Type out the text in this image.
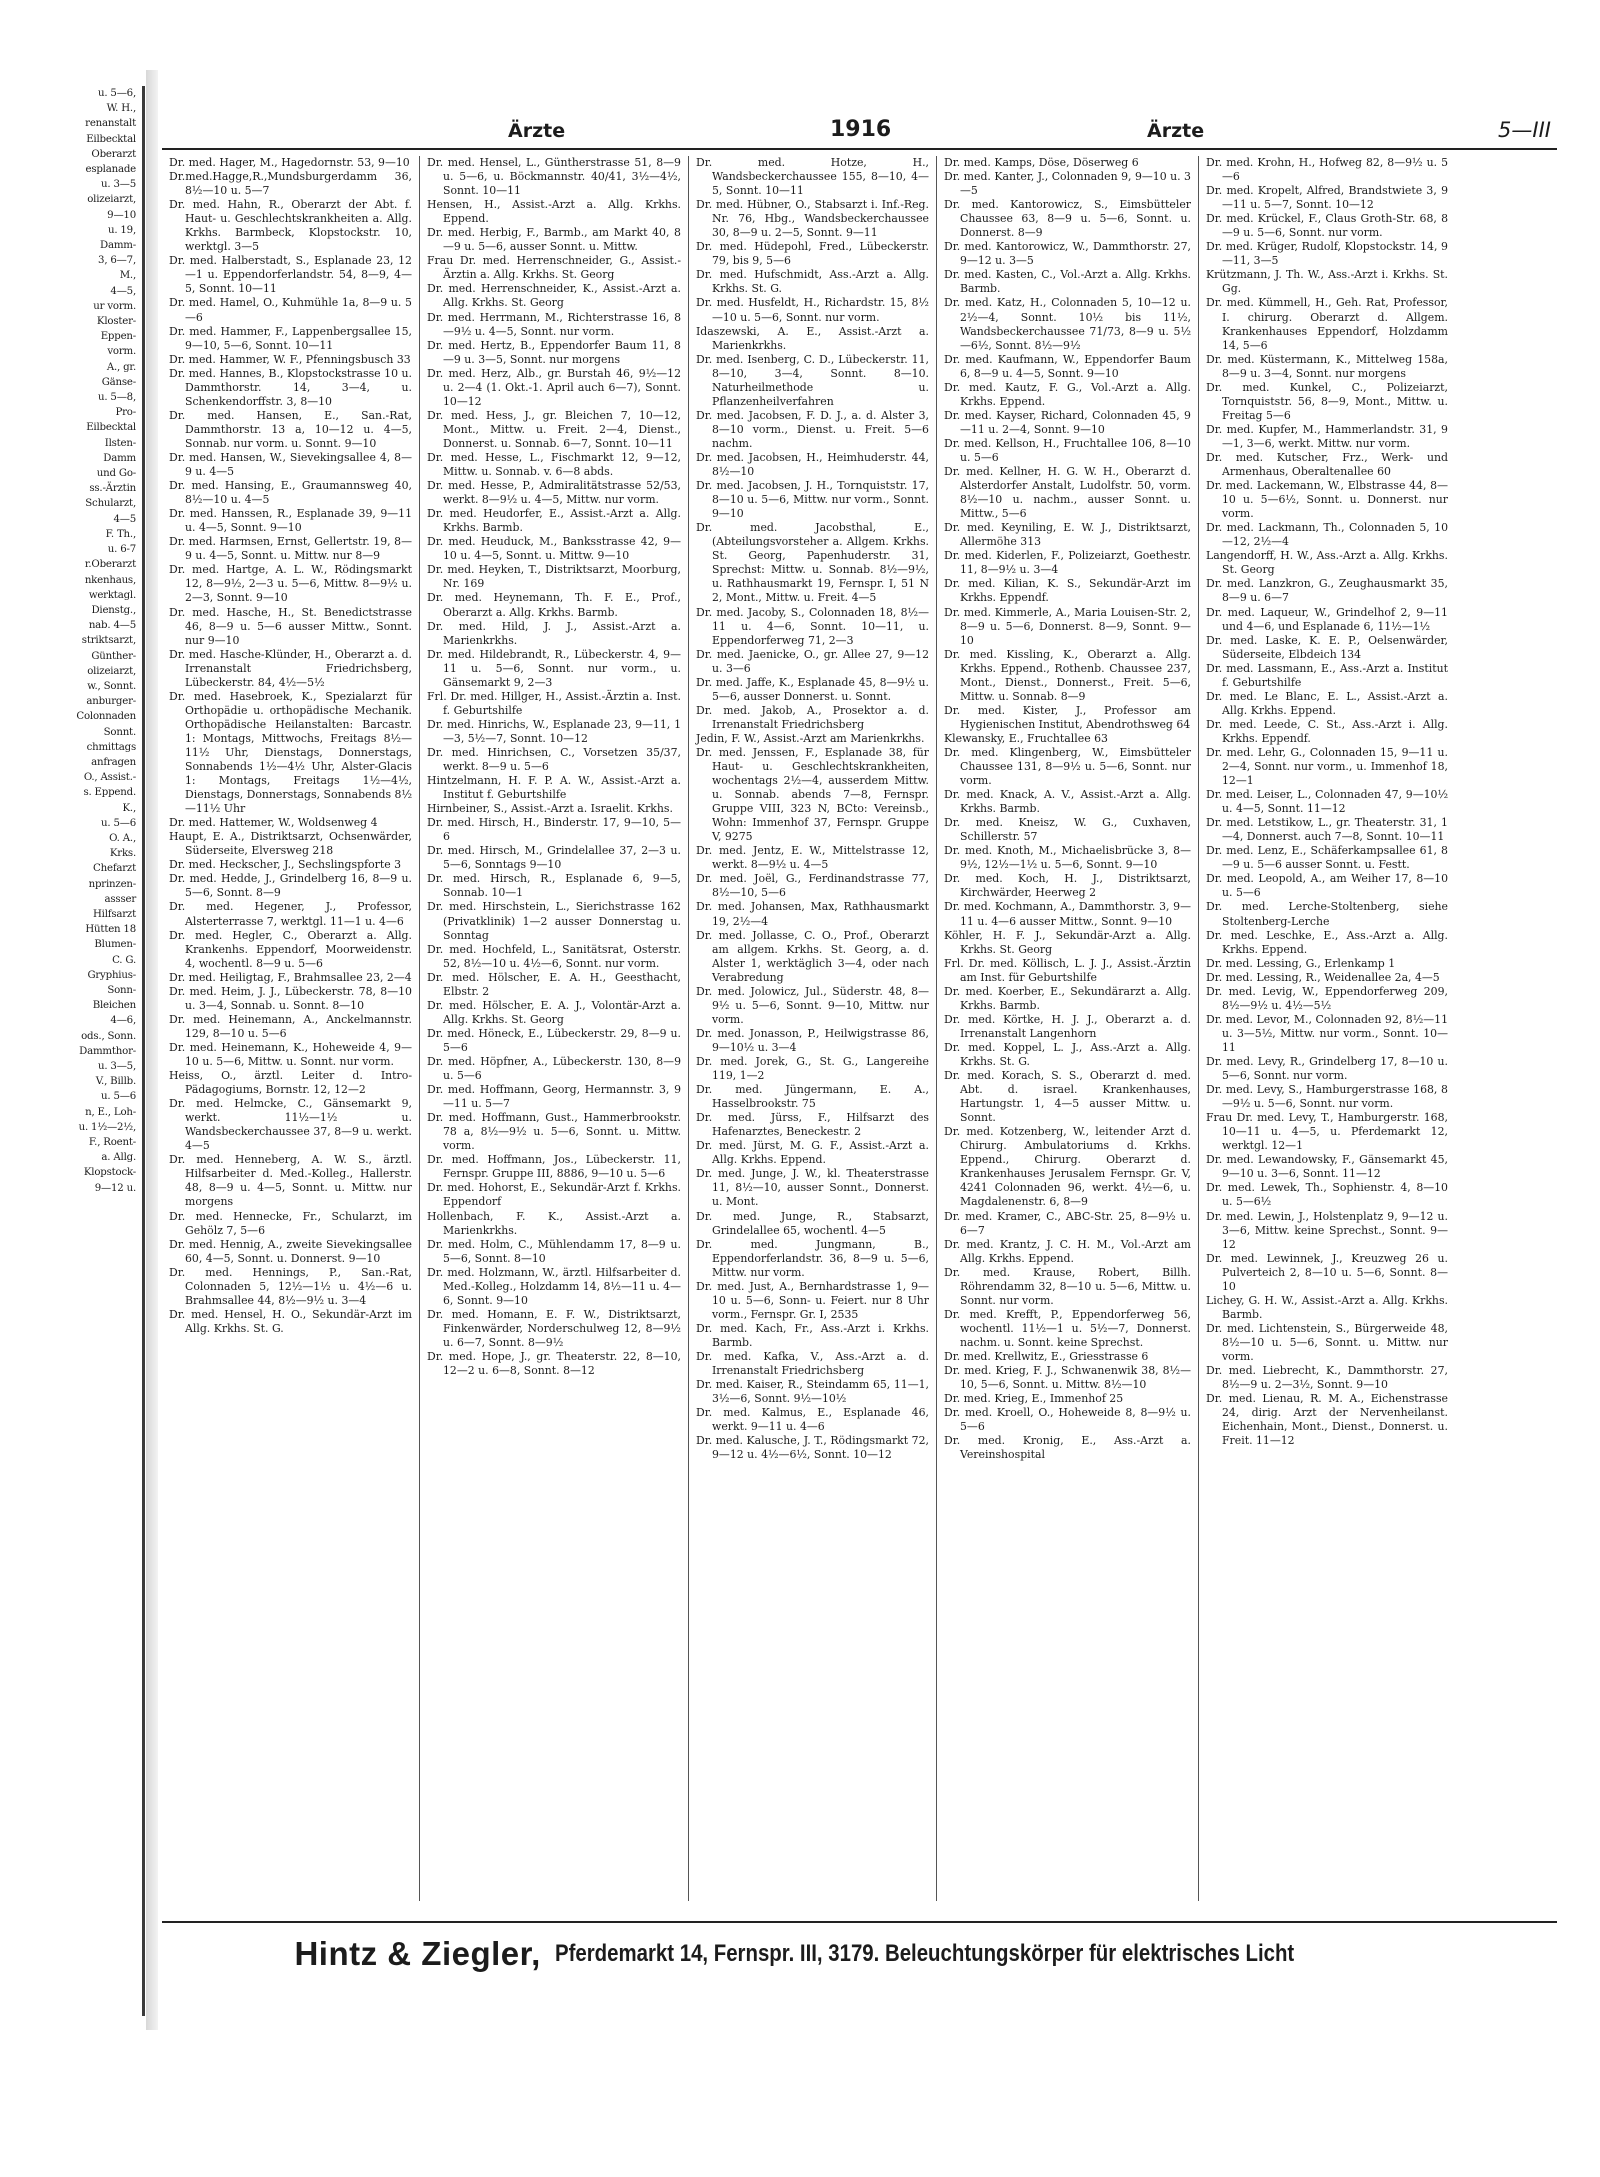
u. 5—6,
W. H.,
renanstalt
Eilbecktal
Oberarzt
esplanade
u. 3—5
olizeiarzt,
9—10
u. 19,
Damm-
3, 6—7,
M.,
4—5,
ur vorm.
Kloster-
Eppen-
vorm.
A., gr.
Gänse-
u. 5—8,
Pro-
Eilbecktal
Ilsten-
Damm
und Go-
ss.-Ärztin
Schularzt,
4—5
F. Th.,
u. 6-7
r.Oberarzt
nkenhaus,
werktagl.
Dienstg.,
nab. 4—5
striktsarzt,
Günther-
olizeiarzt,
w., Sonnt.
anburger-
Colonnaden
Sonnt.
chmittags
anfragen
O., Assist.-
s. Eppend.
K.,
u. 5—6
O. A.,
Krks.
Chefarzt
nprinzen-
assser
Hilfsarzt
Hütten 18
Blumen-
C. G.
Gryphius-
Sonn-
Bleichen
4—6,
ods., Sonn.
Dammthor-
u. 3—5,
V., Billb.
u. 5—6
n, E., Loh-
u. 1½—2½,
F., Roent-
a. Allg.
Klopstock-
9—12 u.
Ärzte	1916	Ärzte	5—III

Dr. med. Hager, M., Hagedornstr. 53, 9—10

Dr.med.Hagge,R.,Mundsburgerdamm 36, 8½—10 u. 5—7

Dr. med. Hahn, R., Oberarzt der Abt. f. Haut- u. Geschlechtskrankheiten a. Allg. Krkhs. Barmbeck, Klopstockstr. 10, werktgl. 3—5

Dr. med. Halberstadt, S., Esplanade 23, 12—1 u. Eppendorferlandstr. 54, 8—9, 4—5, Sonnt. 10—11

Dr. med. Hamel, O., Kuhmühle 1a, 8—9 u. 5—6

Dr. med. Hammer, F., Lappenbergsallee 15, 9—10, 5—6, Sonnt. 10—11

Dr. med. Hammer, W. F., Pfenningsbusch 33

Dr. med. Hannes, B., Klopstockstrasse 10 u. Dammthorstr. 14, 3—4, u. Schenkendorffstr. 3, 8—10

Dr. med. Hansen, E., San.-Rat, Dammthorstr. 13 a, 10—12 u. 4—5, Sonnab. nur vorm. u. Sonnt. 9—10

Dr. med. Hansen, W., Sievekingsallee 4, 8—9 u. 4—5

Dr. med. Hansing, E., Graumannsweg 40, 8½—10 u. 4—5

Dr. med. Hanssen, R., Esplanade 39, 9—11 u. 4—5, Sonnt. 9—10

Dr. med. Harmsen, Ernst, Gellertstr. 19, 8—9 u. 4—5, Sonnt. u. Mittw. nur 8—9

Dr. med. Hartge, A. L. W., Rödingsmarkt 12, 8—9½, 2—3 u. 5—6, Mittw. 8—9½ u. 2—3, Sonnt. 9—10

Dr. med. Hasche, H., St. Benedictstrasse 46, 8—9 u. 5—6 ausser Mittw., Sonnt. nur 9—10

Dr. med. Hasche-Klünder, H., Oberarzt a. d. Irrenanstalt Friedrichsberg, Lübeckerstr. 84, 4½—5½

Dr. med. Hasebroek, K., Spezialarzt für Orthopädie u. orthopädische Mechanik. Orthopädische Heilanstalten: Barcastr. 1: Montags, Mittwochs, Freitags 8½—11½ Uhr, Dienstags, Donnerstags, Sonnabends 1½—4½ Uhr, Alster-Glacis 1: Montags, Freitags 1½—4½, Dienstags, Donnerstags, Sonnabends 8½—11½ Uhr

Dr. med. Hattemer, W., Woldsenweg 4

Haupt, E. A., Distriktsarzt, Ochsenwärder, Süderseite, Elversweg 218

Dr. med. Heckscher, J., Sechslingspforte 3

Dr. med. Hedde, J., Grindelberg 16, 8—9 u. 5—6, Sonnt. 8—9

Dr. med. Hegener, J., Professor, Alsterterrasse 7, werktgl. 11—1 u. 4—6

Dr. med. Hegler, C., Oberarzt a. Allg. Krankenhs. Eppendorf, Moorweidenstr. 4, wochentl. 8—9 u. 5—6

Dr. med. Heiligtag, F., Brahmsallee 23, 2—4

Dr. med. Heim, J. J., Lübeckerstr. 78, 8—10 u. 3—4, Sonnab. u. Sonnt. 8—10

Dr. med. Heinemann, A., Anckelmannstr. 129, 8—10 u. 5—6

Dr. med. Heinemann, K., Hoheweide 4, 9—10 u. 5—6, Mittw. u. Sonnt. nur vorm.

Heiss, O., ärztl. Leiter d. Intro-Pädagogiums, Bornstr. 12, 12—2

Dr. med. Helmcke, C., Gänsemarkt 9, werkt. 11½—1½ u. Wandsbeckerchaussee 37, 8—9 u. werkt. 4—5

Dr. med. Henneberg, A. W. S., ärztl. Hilfsarbeiter d. Med.-Kolleg., Hallerstr. 48, 8—9 u. 4—5, Sonnt. u. Mittw. nur morgens

Dr. med. Hennecke, Fr., Schularzt, im Gehölz 7, 5—6

Dr. med. Hennig, A., zweite Sievekingsallee 60, 4—5, Sonnt. u. Donnerst. 9—10

Dr. med. Hennings, P., San.-Rat, Colonnaden 5, 12½—1½ u. 4½—6 u. Brahmsallee 44, 8½—9½ u. 3—4

Dr. med. Hensel, H. O., Sekundär-Arzt im Allg. Krkhs. St. G.

Dr. med. Hensel, L., Güntherstrasse 51, 8—9 u. 5—6, u. Böckmannstr. 40/41, 3½—4½, Sonnt. 10—11

Hensen, H., Assist.-Arzt a. Allg. Krkhs. Eppend.

Dr. med. Herbig, F., Barmb., am Markt 40, 8—9 u. 5—6, ausser Sonnt. u. Mittw.

Frau Dr. med. Herrenschneider, G., Assist.-Ärztin a. Allg. Krkhs. St. Georg

Dr. med. Herrenschneider, K., Assist.-Arzt a. Allg. Krkhs. St. Georg

Dr. med. Herrmann, M., Richterstrasse 16, 8—9½ u. 4—5, Sonnt. nur vorm.

Dr. med. Hertz, B., Eppendorfer Baum 11, 8—9 u. 3—5, Sonnt. nur morgens

Dr. med. Herz, Alb., gr. Burstah 46, 9½—12 u. 2—4 (1. Okt.-1. April auch 6—7), Sonnt. 10—12

Dr. med. Hess, J., gr. Bleichen 7, 10—12, Mont., Mittw. u. Freit. 2—4, Dienst., Donnerst. u. Sonnab. 6—7, Sonnt. 10—11

Dr. med. Hesse, L., Fischmarkt 12, 9—12, Mittw. u. Sonnab. v. 6—8 abds.

Dr. med. Hesse, P., Admiralitätstrasse 52/53, werkt. 8—9½ u. 4—5, Mittw. nur vorm.

Dr. med. Heudorfer, E., Assist.-Arzt a. Allg. Krkhs. Barmb.

Dr. med. Heuduck, M., Banksstrasse 42, 9—10 u. 4—5, Sonnt. u. Mittw. 9—10

Dr. med. Heyken, T., Distriktsarzt, Moorburg, Nr. 169

Dr. med. Heynemann, Th. F. E., Prof., Oberarzt a. Allg. Krkhs. Barmb.

Dr. med. Hild, J. J., Assist.-Arzt a. Marienkrkhs.

Dr. med. Hildebrandt, R., Lübeckerstr. 4, 9—11 u. 5—6, Sonnt. nur vorm., u. Gänsemarkt 9, 2—3

Frl. Dr. med. Hillger, H., Assist.-Ärztin a. Inst. f. Geburtshilfe

Dr. med. Hinrichs, W., Esplanade 23, 9—11, 1—3, 5½—7, Sonnt. 10—12

Dr. med. Hinrichsen, C., Vorsetzen 35/37, werkt. 8—9 u. 5—6

Hintzelmann, H. F. P. A. W., Assist.-Arzt a. Institut f. Geburtshilfe

Hirnbeiner, S., Assist.-Arzt a. Israelit. Krkhs.

Dr. med. Hirsch, H., Binderstr. 17, 9—10, 5—6

Dr. med. Hirsch, M., Grindelallee 37, 2—3 u. 5—6, Sonntags 9—10

Dr. med. Hirsch, R., Esplanade 6, 9—5, Sonnab. 10—1

Dr. med. Hirschstein, L., Sierichstrasse 162 (Privatklinik) 1—2 ausser Donnerstag u. Sonntag

Dr. med. Hochfeld, L., Sanitätsrat, Osterstr. 52, 8½—10 u. 4½—6, Sonnt. nur vorm.

Dr. med. Hölscher, E. A. H., Geesthacht, Elbstr. 2

Dr. med. Hölscher, E. A. J., Volontär-Arzt a. Allg. Krkhs. St. Georg

Dr. med. Höneck, E., Lübeckerstr. 29, 8—9 u. 5—6

Dr. med. Höpfner, A., Lübeckerstr. 130, 8—9 u. 5—6

Dr. med. Hoffmann, Georg, Hermannstr. 3, 9—11 u. 5—7

Dr. med. Hoffmann, Gust., Hammerbrookstr. 78 a, 8½—9½ u. 5—6, Sonnt. u. Mittw. vorm.

Dr. med. Hoffmann, Jos., Lübeckerstr. 11, Fernspr. Gruppe III, 8886, 9—10 u. 5—6

Dr. med. Hohorst, E., Sekundär-Arzt f. Krkhs. Eppendorf

Hollenbach, F. K., Assist.-Arzt a. Marienkrkhs.

Dr. med. Holm, C., Mühlendamm 17, 8—9 u. 5—6, Sonnt. 8—10

Dr. med. Holzmann, W., ärztl. Hilfsarbeiter d. Med.-Kolleg., Holzdamm 14, 8½—11 u. 4—6, Sonnt. 9—10

Dr. med. Homann, E. F. W., Distriktsarzt, Finkenwärder, Norderschulweg 12, 8—9½ u. 6—7, Sonnt. 8—9½

Dr. med. Hope, J., gr. Theaterstr. 22, 8—10, 12—2 u. 6—8, Sonnt. 8—12

Dr. med. Hotze, H., Wandsbeckerchaussee 155, 8—10, 4—5, Sonnt. 10—11

Dr. med. Hübner, O., Stabsarzt i. Inf.-Reg. Nr. 76, Hbg., Wandsbeckerchaussee 30, 8—9 u. 2—5, Sonnt. 9—11

Dr. med. Hüdepohl, Fred., Lübeckerstr. 79, bis 9, 5—6

Dr. med. Hufschmidt, Ass.-Arzt a. Allg. Krkhs. St. G.

Dr. med. Husfeldt, H., Richardstr. 15, 8½—10 u. 5—6, Sonnt. nur vorm.

Idaszewski, A. E., Assist.-Arzt a. Marienkrkhs.

Dr. med. Isenberg, C. D., Lübeckerstr. 11, 8—10, 3—4, Sonnt. 8—10. Naturheilmethode u. Pflanzenheilverfahren

Dr. med. Jacobsen, F. D. J., a. d. Alster 3, 8—10 vorm., Dienst. u. Freit. 5—6 nachm.

Dr. med. Jacobsen, H., Heimhuderstr. 44, 8½—10

Dr. med. Jacobsen, J. H., Tornquiststr. 17, 8—10 u. 5—6, Mittw. nur vorm., Sonnt. 9—10

Dr. med. Jacobsthal, E., (Abteilungsvorsteher a. Allgem. Krkhs. St. Georg, Papenhuderstr. 31, Sprechst: Mittw. u. Sonnab. 8½—9½, u. Rathhausmarkt 19, Fernspr. I, 51 N 2, Mont., Mittw. u. Freit. 4—5

Dr. med. Jacoby, S., Colonnaden 18, 8½—11 u. 4—6, Sonnt. 10—11, u. Eppendorferweg 71, 2—3

Dr. med. Jaenicke, O., gr. Allee 27, 9—12 u. 3—6

Dr. med. Jaffe, K., Esplanade 45, 8—9½ u. 5—6, ausser Donnerst. u. Sonnt.

Dr. med. Jakob, A., Prosektor a. d. Irrenanstalt Friedrichsberg

Jedin, F. W., Assist.-Arzt am Marienkrkhs.

Dr. med. Jenssen, F., Esplanade 38, für Haut- u. Geschlechtskrankheiten, wochentags 2½—4, ausserdem Mittw. u. Sonnab. abends 7—8, Fernspr. Gruppe VIII, 323 N, BCto: Vereinsb., Wohn: Immenhof 37, Fernspr. Gruppe V, 9275

Dr. med. Jentz, E. W., Mittelstrasse 12, werkt. 8—9½ u. 4—5

Dr. med. Joël, G., Ferdinandstrasse 77, 8½—10, 5—6

Dr. med. Johansen, Max, Rathhausmarkt 19, 2½—4

Dr. med. Jollasse, C. O., Prof., Oberarzt am allgem. Krkhs. St. Georg, a. d. Alster 1, werktäglich 3—4, oder nach Verabredung

Dr. med. Jolowicz, Jul., Süderstr. 48, 8—9½ u. 5—6, Sonnt. 9—10, Mittw. nur vorm.

Dr. med. Jonasson, P., Heilwigstrasse 86, 9—10½ u. 3—4

Dr. med. Jorek, G., St. G., Langereihe 119, 1—2

Dr. med. Jüngermann, E. A., Hasselbrookstr. 75

Dr. med. Jürss, F., Hilfsarzt des Hafenarztes, Beneckestr. 2

Dr. med. Jürst, M. G. F., Assist.-Arzt a. Allg. Krkhs. Eppend.

Dr. med. Junge, J. W., kl. Theaterstrasse 11, 8½—10, ausser Sonnt., Donnerst. u. Mont.

Dr. med. Junge, R., Stabsarzt, Grindelallee 65, wochentl. 4—5

Dr. med. Jungmann, B., Eppendorferlandstr. 36, 8—9 u. 5—6, Mittw. nur vorm.

Dr. med. Just, A., Bernhardstrasse 1, 9—10 u. 5—6, Sonn- u. Feiert. nur 8 Uhr vorm., Fernspr. Gr. I, 2535

Dr. med. Kach, Fr., Ass.-Arzt i. Krkhs. Barmb.

Dr. med. Kafka, V., Ass.-Arzt a. d. Irrenanstalt Friedrichsberg

Dr. med. Kaiser, R., Steindamm 65, 11—1, 3½—6, Sonnt. 9½—10½

Dr. med. Kalmus, E., Esplanade 46, werkt. 9—11 u. 4—6

Dr. med. Kalusche, J. T., Rödingsmarkt 72, 9—12 u. 4½—6½, Sonnt. 10—12

Dr. med. Kamps, Döse, Döserweg 6

Dr. med. Kanter, J., Colonnaden 9, 9—10 u. 3—5

Dr. med. Kantorowicz, S., Eimsbütteler Chaussee 63, 8—9 u. 5—6, Sonnt. u. Donnerst. 8—9

Dr. med. Kantorowicz, W., Dammthorstr. 27, 9—12 u. 3—5

Dr. med. Kasten, C., Vol.-Arzt a. Allg. Krkhs. Barmb.

Dr. med. Katz, H., Colonnaden 5, 10—12 u. 2½—4, Sonnt. 10½ bis 11½, Wandsbeckerchaussee 71/73, 8—9 u. 5½—6½, Sonnt. 8½—9½

Dr. med. Kaufmann, W., Eppendorfer Baum 6, 8—9 u. 4—5, Sonnt. 9—10

Dr. med. Kautz, F. G., Vol.-Arzt a. Allg. Krkhs. Eppend.

Dr. med. Kayser, Richard, Colonnaden 45, 9—11 u. 2—4, Sonnt. 9—10

Dr. med. Kellson, H., Fruchtallee 106, 8—10 u. 5—6

Dr. med. Kellner, H. G. W. H., Oberarzt d. Alsterdorfer Anstalt, Ludolfstr. 50, vorm. 8½—10 u. nachm., ausser Sonnt. u. Mittw., 5—6

Dr. med. Keyniling, E. W. J., Distriktsarzt, Allermöhe 313

Dr. med. Kiderlen, F., Polizeiarzt, Goethestr. 11, 8—9½ u. 3—4

Dr. med. Kilian, K. S., Sekundär-Arzt im Krkhs. Eppendf.

Dr. med. Kimmerle, A., Maria Louisen-Str. 2, 8—9 u. 5—6, Donnerst. 8—9, Sonnt. 9—10

Dr. med. Kissling, K., Oberarzt a. Allg. Krkhs. Eppend., Rothenb. Chaussee 237, Mont., Dienst., Donnerst., Freit. 5—6, Mittw. u. Sonnab. 8—9

Dr. med. Kister, J., Professor am Hygienischen Institut, Abendrothsweg 64

Klewansky, E., Fruchtallee 63

Dr. med. Klingenberg, W., Eimsbütteler Chaussee 131, 8—9½ u. 5—6, Sonnt. nur vorm.

Dr. med. Knack, A. V., Assist.-Arzt a. Allg. Krkhs. Barmb.

Dr. med. Kneisz, W. G., Cuxhaven, Schillerstr. 57

Dr. med. Knoth, M., Michaelisbrücke 3, 8—9½, 12½—1½ u. 5—6, Sonnt. 9—10

Dr. med. Koch, H. J., Distriktsarzt, Kirchwärder, Heerweg 2

Dr. med. Kochmann, A., Dammthorstr. 3, 9—11 u. 4—6 ausser Mittw., Sonnt. 9—10

Köhler, H. F. J., Sekundär-Arzt a. Allg. Krkhs. St. Georg

Frl. Dr. med. Köllisch, L. J. J., Assist.-Ärztin am Inst. für Geburtshilfe

Dr. med. Koerber, E., Sekundärarzt a. Allg. Krkhs. Barmb.

Dr. med. Körtke, H. J. J., Oberarzt a. d. Irrenanstalt Langenhorn

Dr. med. Koppel, L. J., Ass.-Arzt a. Allg. Krkhs. St. G.

Dr. med. Korach, S. S., Oberarzt d. med. Abt. d. israel. Krankenhauses, Hartungstr. 1, 4—5 ausser Mittw. u. Sonnt.

Dr. med. Kotzenberg, W., leitender Arzt d. Chirurg. Ambulatoriums d. Krkhs. Eppend., Chirurg. Oberarzt d. Krankenhauses Jerusalem Fernspr. Gr. V, 4241 Colonnaden 96, werkt. 4½—6, u. Magdalenenstr. 6, 8—9

Dr. med. Kramer, C., ABC-Str. 25, 8—9½ u. 6—7

Dr. med. Krantz, J. C. H. M., Vol.-Arzt am Allg. Krkhs. Eppend.

Dr. med. Krause, Robert, Billh. Röhrendamm 32, 8—10 u. 5—6, Mittw. u. Sonnt. nur vorm.

Dr. med. Krefft, P., Eppendorferweg 56, wochentl. 11½—1 u. 5½—7, Donnerst. nachm. u. Sonnt. keine Sprechst.

Dr. med. Krellwitz, E., Griesstrasse 6

Dr. med. Krieg, F. J., Schwanenwik 38, 8½—10, 5—6, Sonnt. u. Mittw. 8½—10

Dr. med. Krieg, E., Immenhof 25

Dr. med. Kroell, O., Hoheweide 8, 8—9½ u. 5—6

Dr. med. Kronig, E., Ass.-Arzt a. Vereinshospital

Dr. med. Krohn, H., Hofweg 82, 8—9½ u. 5—6

Dr. med. Kropelt, Alfred, Brandstwiete 3, 9—11 u. 5—7, Sonnt. 10—12

Dr. med. Krückel, F., Claus Groth-Str. 68, 8—9 u. 5—6, Sonnt. nur vorm.

Dr. med. Krüger, Rudolf, Klopstockstr. 14, 9—11, 3—5

Krützmann, J. Th. W., Ass.-Arzt i. Krkhs. St. Gg.

Dr. med. Kümmell, H., Geh. Rat, Professor, I. chirurg. Oberarzt d. Allgem. Krankenhauses Eppendorf, Holzdamm 14, 5—6

Dr. med. Küstermann, K., Mittelweg 158a, 8—9 u. 3—4, Sonnt. nur morgens

Dr. med. Kunkel, C., Polizeiarzt, Tornquiststr. 56, 8—9, Mont., Mittw. u. Freitag 5—6

Dr. med. Kupfer, M., Hammerlandstr. 31, 9—1, 3—6, werkt. Mittw. nur vorm.

Dr. med. Kutscher, Frz., Werk- und Armenhaus, Oberaltenallee 60

Dr. med. Lackemann, W., Elbstrasse 44, 8—10 u. 5—6½, Sonnt. u. Donnerst. nur vorm.

Dr. med. Lackmann, Th., Colonnaden 5, 10—12, 2½—4

Langendorff, H. W., Ass.-Arzt a. Allg. Krkhs. St. Georg

Dr. med. Lanzkron, G., Zeughausmarkt 35, 8—9 u. 6—7

Dr. med. Laqueur, W., Grindelhof 2, 9—11 und 4—6, und Esplanade 6, 11½—1½

Dr. med. Laske, K. E. P., Oelsenwärder, Süderseite, Elbdeich 134

Dr. med. Lassmann, E., Ass.-Arzt a. Institut f. Geburtshilfe

Dr. med. Le Blanc, E. L., Assist.-Arzt a. Allg. Krkhs. Eppend.

Dr. med. Leede, C. St., Ass.-Arzt i. Allg. Krkhs. Eppendf.

Dr. med. Lehr, G., Colonnaden 15, 9—11 u. 2—4, Sonnt. nur vorm., u. Immenhof 18, 12—1

Dr. med. Leiser, L., Colonnaden 47, 9—10½ u. 4—5, Sonnt. 11—12

Dr. med. Letstikow, L., gr. Theaterstr. 31, 1—4, Donnerst. auch 7—8, Sonnt. 10—11

Dr. med. Lenz, E., Schäferkampsallee 61, 8—9 u. 5—6 ausser Sonnt. u. Festt.

Dr. med. Leopold, A., am Weiher 17, 8—10 u. 5—6

Dr. med. Lerche-Stoltenberg, siehe Stoltenberg-Lerche

Dr. med. Leschke, E., Ass.-Arzt a. Allg. Krkhs. Eppend.

Dr. med. Lessing, G., Erlenkamp 1

Dr. med. Lessing, R., Weidenallee 2a, 4—5

Dr. med. Levig, W., Eppendorferweg 209, 8½—9½ u. 4½—5½

Dr. med. Levor, M., Colonnaden 92, 8½—11 u. 3—5½, Mittw. nur vorm., Sonnt. 10—11

Dr. med. Levy, R., Grindelberg 17, 8—10 u. 5—6, Sonnt. nur vorm.

Dr. med. Levy, S., Hamburgerstrasse 168, 8—9½ u. 5—6, Sonnt. nur vorm.

Frau Dr. med. Levy, T., Hamburgerstr. 168, 10—11 u. 4—5, u. Pferdemarkt 12, werktgl. 12—1

Dr. med. Lewandowsky, F., Gänsemarkt 45, 9—10 u. 3—6, Sonnt. 11—12

Dr. med. Lewek, Th., Sophienstr. 4, 8—10 u. 5—6½

Dr. med. Lewin, J., Holstenplatz 9, 9—12 u. 3—6, Mittw. keine Sprechst., Sonnt. 9—12

Dr. med. Lewinnek, J., Kreuzweg 26 u. Pulverteich 2, 8—10 u. 5—6, Sonnt. 8—10

Lichey, G. H. W., Assist.-Arzt a. Allg. Krkhs. Barmb.

Dr. med. Lichtenstein, S., Bürgerweide 48, 8½—10 u. 5—6, Sonnt. u. Mittw. nur vorm.

Dr. med. Liebrecht, K., Dammthorstr. 27, 8½—9 u. 2—3½, Sonnt. 9—10

Dr. med. Lienau, R. M. A., Eichenstrasse 24, dirig. Arzt der Nervenheilanst. Eichenhain, Mont., Dienst., Donnerst. u. Freit. 11—12

Hintz & Ziegler, Pferdemarkt 14, Fernspr. III, 3179. Beleuchtungskörper für elektrisches Licht
